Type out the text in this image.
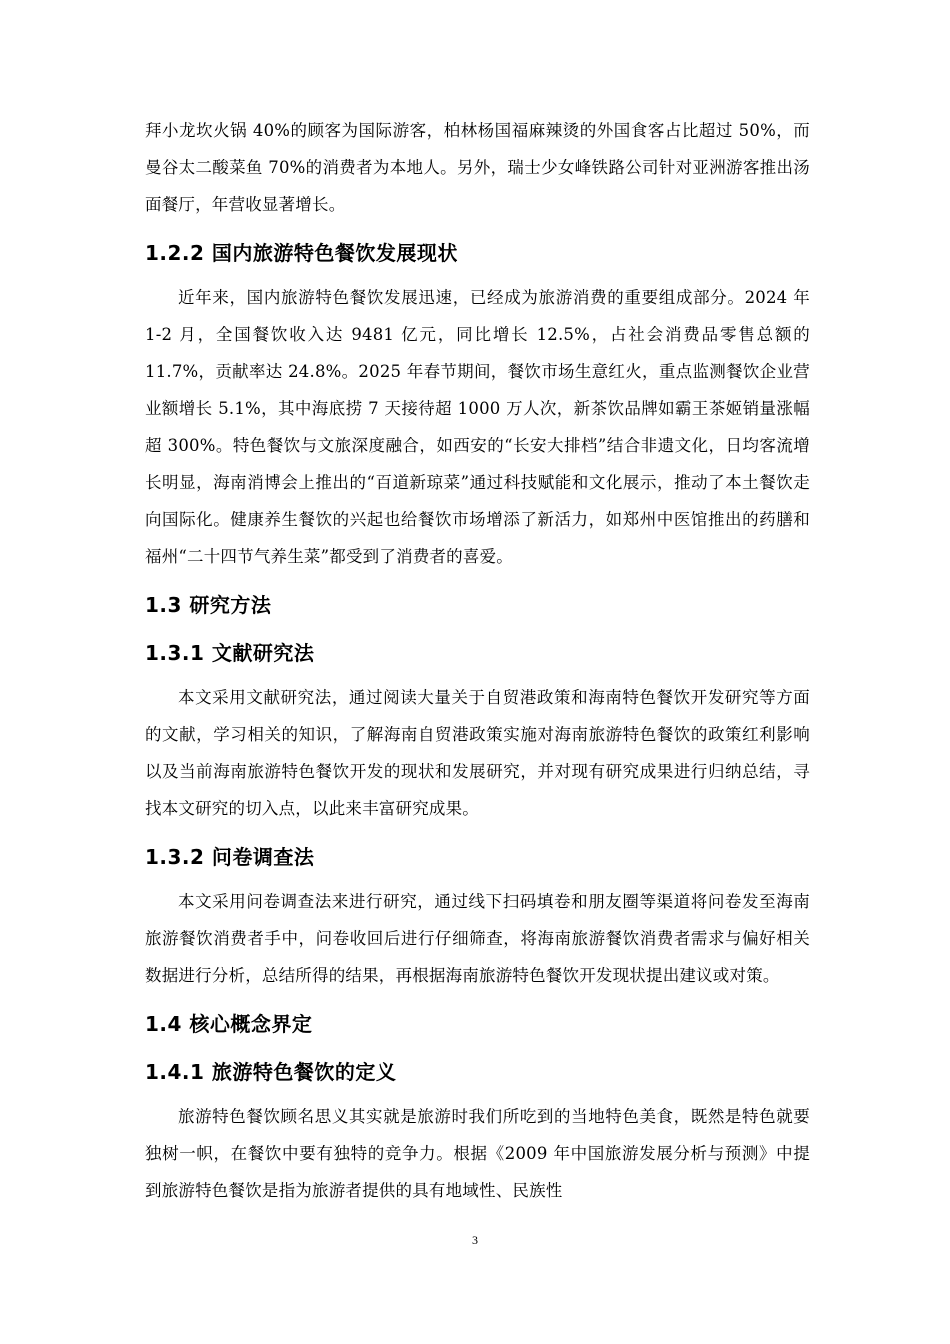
拜小龙坎火锅 40%的顾客为国际游客，柏林杨国福麻辣烫的外国食客占比超过 50%，而曼谷太二酸菜鱼 70%的消费者为本地人。另外，瑞士少女峰铁路公司针对亚洲游客推出汤面餐厅，年营收显著增长。

1.2.2 国内旅游特色餐饮发展现状

近年来，国内旅游特色餐饮发展迅速，已经成为旅游消费的重要组成部分。2024 年 1-2 月，全国餐饮收入达 9481 亿元，同比增长 12.5%，占社会消费品零售总额的 11.7%，贡献率达 24.8%。2025 年春节期间，餐饮市场生意红火，重点监测餐饮企业营业额增长 5.1%，其中海底捞 7 天接待超 1000 万人次，新茶饮品牌如霸王茶姬销量涨幅超 300%。特色餐饮与文旅深度融合，如西安的“长安大排档”结合非遗文化，日均客流增长明显，海南消博会上推出的“百道新琼菜”通过科技赋能和文化展示，推动了本土餐饮走向国际化。健康养生餐饮的兴起也给餐饮市场增添了新活力，如郑州中医馆推出的药膳和福州“二十四节气养生菜”都受到了消费者的喜爱。

1.3 研究方法
1.3.1 文献研究法

本文采用文献研究法，通过阅读大量关于自贸港政策和海南特色餐饮开发研究等方面的文献，学习相关的知识，了解海南自贸港政策实施对海南旅游特色餐饮的政策红利影响以及当前海南旅游特色餐饮开发的现状和发展研究，并对现有研究成果进行归纳总结，寻找本文研究的切入点，以此来丰富研究成果。

1.3.2 问卷调查法

本文采用问卷调查法来进行研究，通过线下扫码填卷和朋友圈等渠道将问卷发至海南旅游餐饮消费者手中，问卷收回后进行仔细筛查，将海南旅游餐饮消费者需求与偏好相关数据进行分析，总结所得的结果，再根据海南旅游特色餐饮开发现状提出建议或对策。

1.4 核心概念界定
1.4.1 旅游特色餐饮的定义

旅游特色餐饮顾名思义其实就是旅游时我们所吃到的当地特色美食，既然是特色就要独树一帜，在餐饮中要有独特的竞争力。根据《2009 年中国旅游发展分析与预测》中提到旅游特色餐饮是指为旅游者提供的具有地域性、民族性

3
